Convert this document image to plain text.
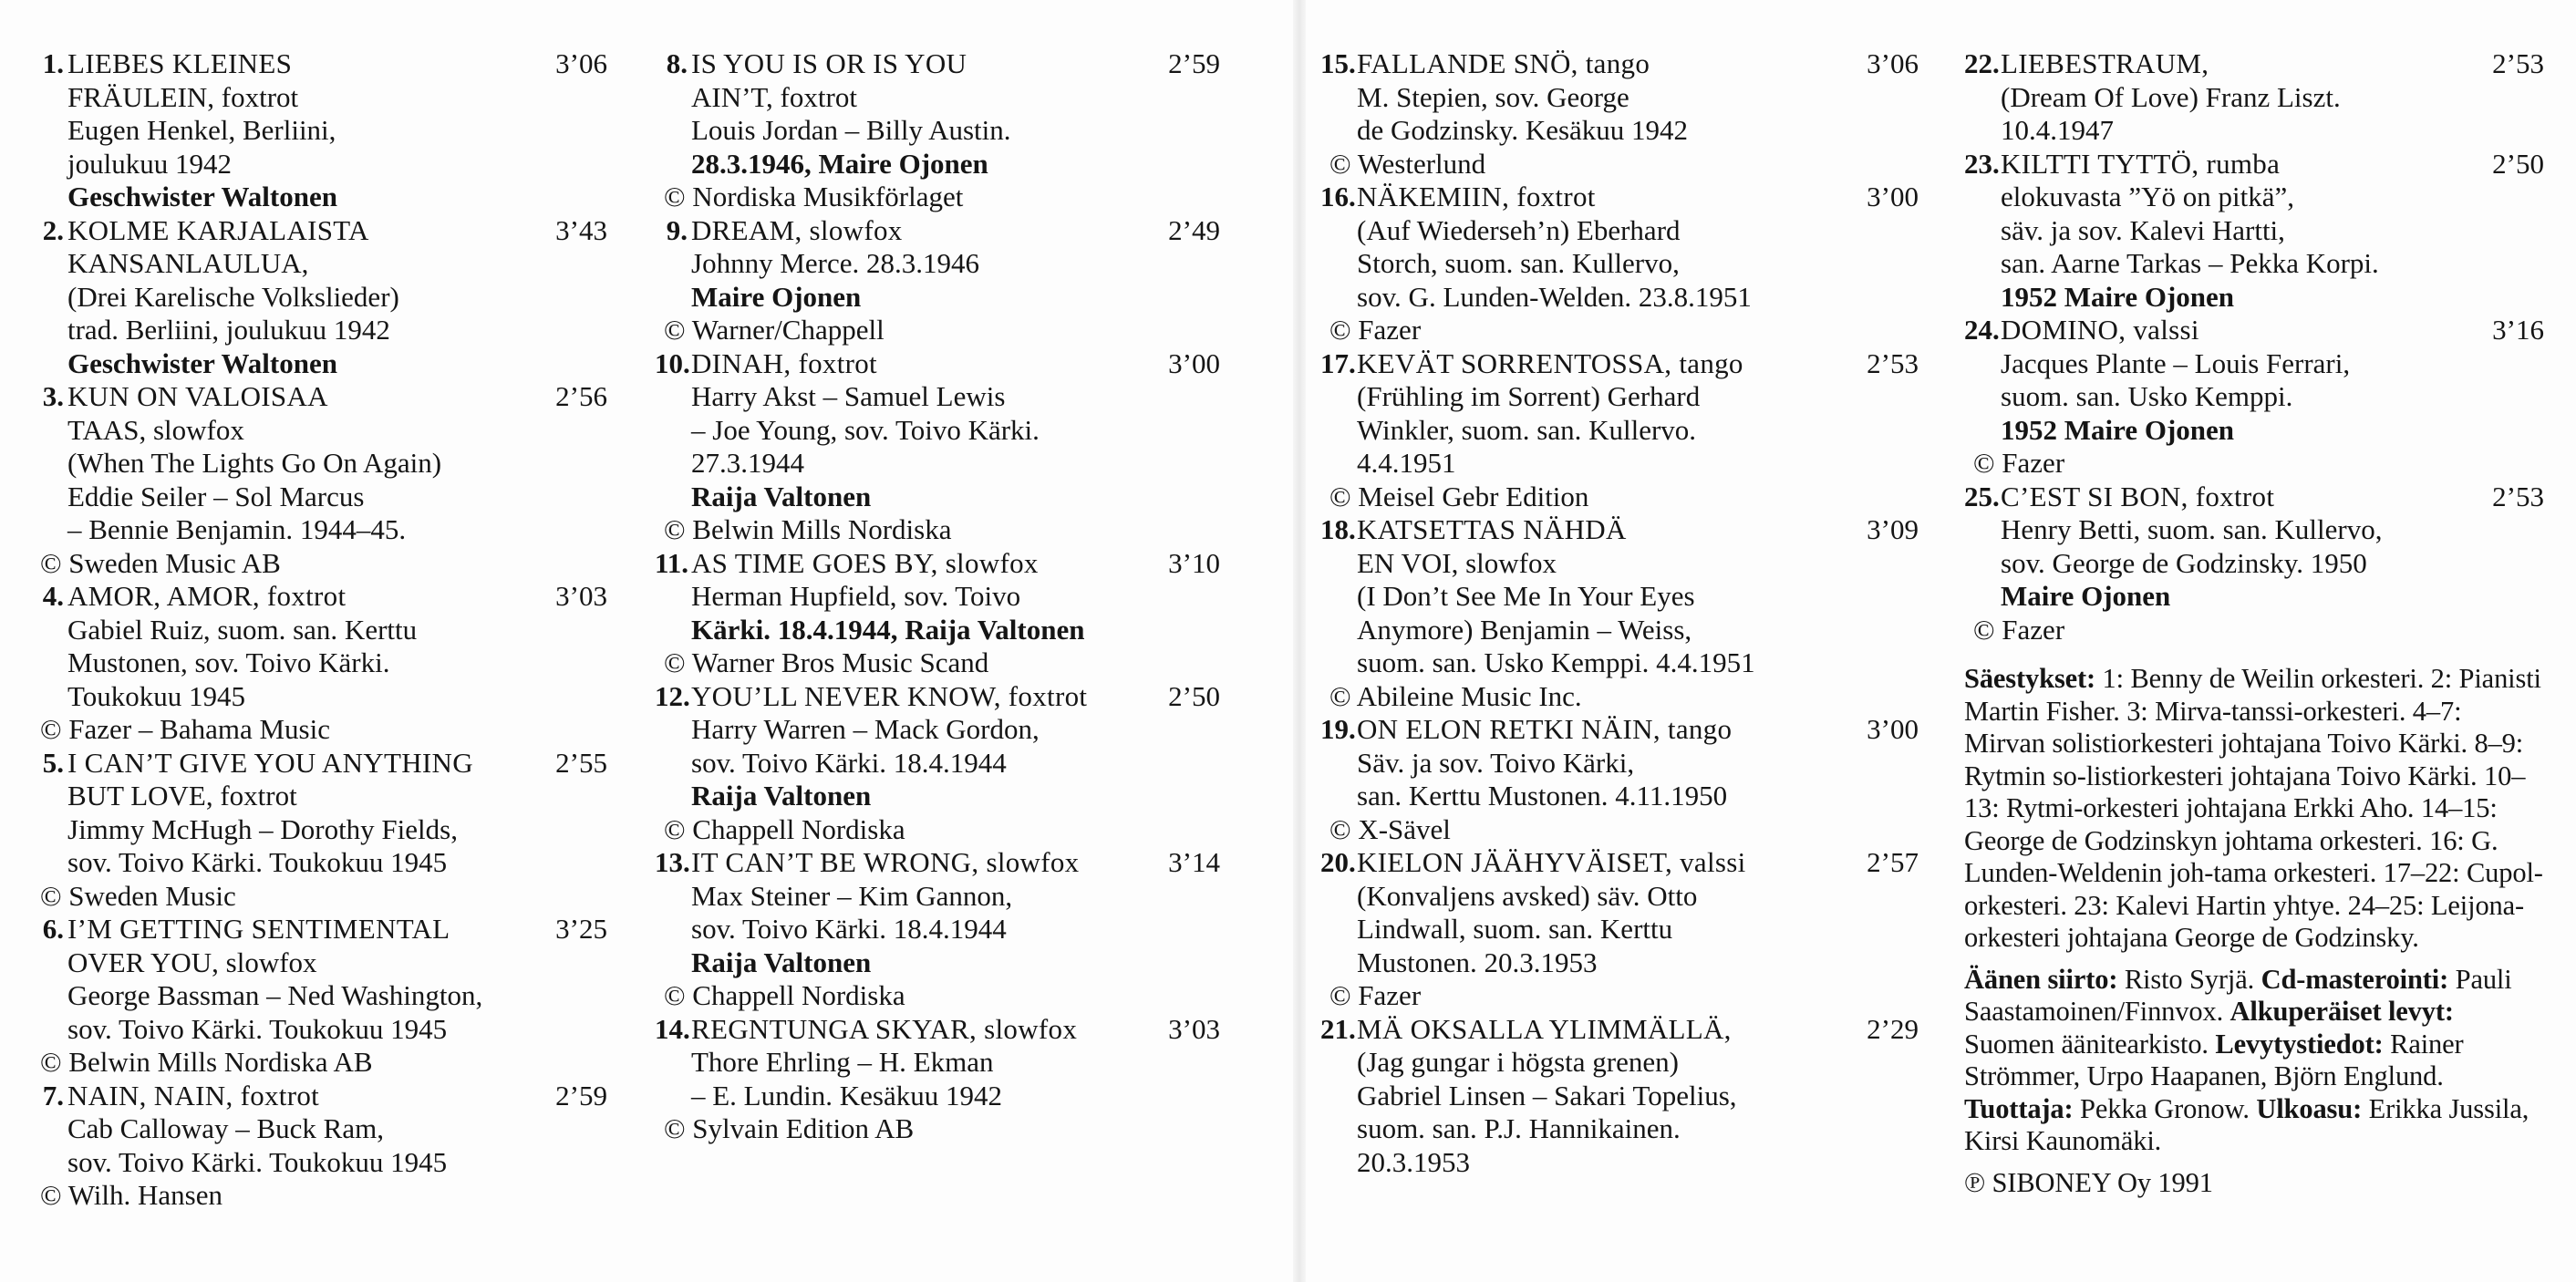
1.	3’06
LIEBES KLEINES
FRÄULEIN, foxtrot
Eugen Henkel, Berliini,
joulukuu 1942
Geschwister Waltonen
2.	3’43
KOLME KARJALAISTA
KANSANLAULUA,
(Drei Karelische Volkslieder)
trad. Berliini, joulukuu 1942
Geschwister Waltonen
3.	2’56
KUN ON VALOISAA
TAAS, slowfox
(When The Lights Go On Again)
Eddie Seiler – Sol Marcus
– Bennie Benjamin. 1944–45.
© Sweden Music AB
4.	3’03
AMOR, AMOR, foxtrot
Gabiel Ruiz, suom. san. Kerttu
Mustonen, sov. Toivo Kärki.
Toukokuu 1945
© Fazer – Bahama Music
5.	2’55
I CAN’T GIVE YOU ANYTHING
BUT LOVE, foxtrot
Jimmy McHugh – Dorothy Fields,
sov. Toivo Kärki. Toukokuu 1945
© Sweden Music
6.	3’25
I’M GETTING SENTIMENTAL
OVER YOU, slowfox
George Bassman – Ned Washington,
sov. Toivo Kärki. Toukokuu 1945
© Belwin Mills Nordiska AB
7.	2’59
NAIN, NAIN, foxtrot
Cab Calloway – Buck Ram,
sov. Toivo Kärki. Toukokuu 1945
© Wilh. Hansen
8.	2’59
IS YOU IS OR IS YOU
AIN’T, foxtrot
Louis Jordan – Billy Austin.
28.3.1946, Maire Ojonen
© Nordiska Musikförlaget
9.	2’49
DREAM, slowfox
Johnny Merce. 28.3.1946
Maire Ojonen
© Warner/Chappell
10.	3’00
DINAH, foxtrot
Harry Akst – Samuel Lewis
– Joe Young, sov. Toivo Kärki.
27.3.1944
Raija Valtonen
© Belwin Mills Nordiska
11.	3’10
AS TIME GOES BY, slowfox
Herman Hupfield, sov. Toivo
Kärki. 18.4.1944, Raija Valtonen
© Warner Bros Music Scand
12.	2’50
YOU’LL NEVER KNOW, foxtrot
Harry Warren – Mack Gordon,
sov. Toivo Kärki. 18.4.1944
Raija Valtonen
© Chappell Nordiska
13.	3’14
IT CAN’T BE WRONG, slowfox
Max Steiner – Kim Gannon,
sov. Toivo Kärki. 18.4.1944
Raija Valtonen
© Chappell Nordiska
14.	3’03
REGNTUNGA SKYAR, slowfox
Thore Ehrling – H. Ekman
– E. Lundin. Kesäkuu 1942
© Sylvain Edition AB
15.	3’06
FALLANDE SNÖ, tango
M. Stepien, sov. George
de Godzinsky. Kesäkuu 1942
© Westerlund
16.	3’00
NÄKEMIIN, foxtrot
(Auf Wiederseh’n) Eberhard
Storch, suom. san. Kullervo,
sov. G. Lunden-Welden. 23.8.1951
© Fazer
17.	2’53
KEVÄT SORRENTOSSA, tango
(Frühling im Sorrent) Gerhard
Winkler, suom. san. Kullervo.
4.4.1951
© Meisel Gebr Edition
18.	3’09
KATSETTAS NÄHDÄ
EN VOI, slowfox
(I Don’t See Me In Your Eyes
Anymore) Benjamin – Weiss,
suom. san. Usko Kemppi. 4.4.1951
© Abileine Music Inc.
19.	3’00
ON ELON RETKI NÄIN, tango
Säv. ja sov. Toivo Kärki,
san. Kerttu Mustonen. 4.11.1950
© X-Sävel
20.	2’57
KIELON JÄÄHYVÄISET, valssi
(Konvaljens avsked) säv. Otto
Lindwall, suom. san. Kerttu
Mustonen. 20.3.1953
© Fazer
21.	2’29
MÄ OKSALLA YLIMMÄLLÄ,
(Jag gungar i högsta grenen)
Gabriel Linsen – Sakari Topelius,
suom. san. P.J. Hannikainen.
20.3.1953
22.	2’53
LIEBESTRAUM,
(Dream Of Love) Franz Liszt.
10.4.1947
23.	2’50
KILTTI TYTTÖ, rumba
elokuvasta ”Yö on pitkä”,
säv. ja sov. Kalevi Hartti,
san. Aarne Tarkas – Pekka Korpi.
1952 Maire Ojonen
24.	3’16
DOMINO, valssi
Jacques Plante – Louis Ferrari,
suom. san. Usko Kemppi.
1952 Maire Ojonen
© Fazer
25.	2’53
C’EST SI BON, foxtrot
Henry Betti, suom. san. Kullervo,
sov. George de Godzinsky. 1950
Maire Ojonen
© Fazer

Säestykset: 1: Benny de Weilin orkesteri. 2: Pianisti Martin Fisher. 3: Mirva-tanssi-orkesteri. 4–7: Mirvan solistiorkesteri johtajana Toivo Kärki. 8–9: Rytmin so-listiorkesteri johtajana Toivo Kärki. 10–13: Rytmi-orkesteri johtajana Erkki Aho. 14–15: George de Godzinskyn johtama orkesteri. 16: G. Lunden-Weldenin joh-tama orkesteri. 17–22: Cupol-orkesteri. 23: Kalevi Hartin yhtye. 24–25: Leijona-orkesteri johtajana George de Godzinsky.

Äänen siirto: Risto Syrjä. Cd-masterointi: Pauli Saastamoinen/Finnvox. Alkuperäiset levyt: Suomen äänitearkisto. Levytystiedot: Rainer Strömmer, Urpo Haapanen, Björn Englund. Tuottaja: Pekka Gronow. Ulkoasu: Erikka Jussila, Kirsi Kaunomäki.

℗ SIBONEY Oy 1991
